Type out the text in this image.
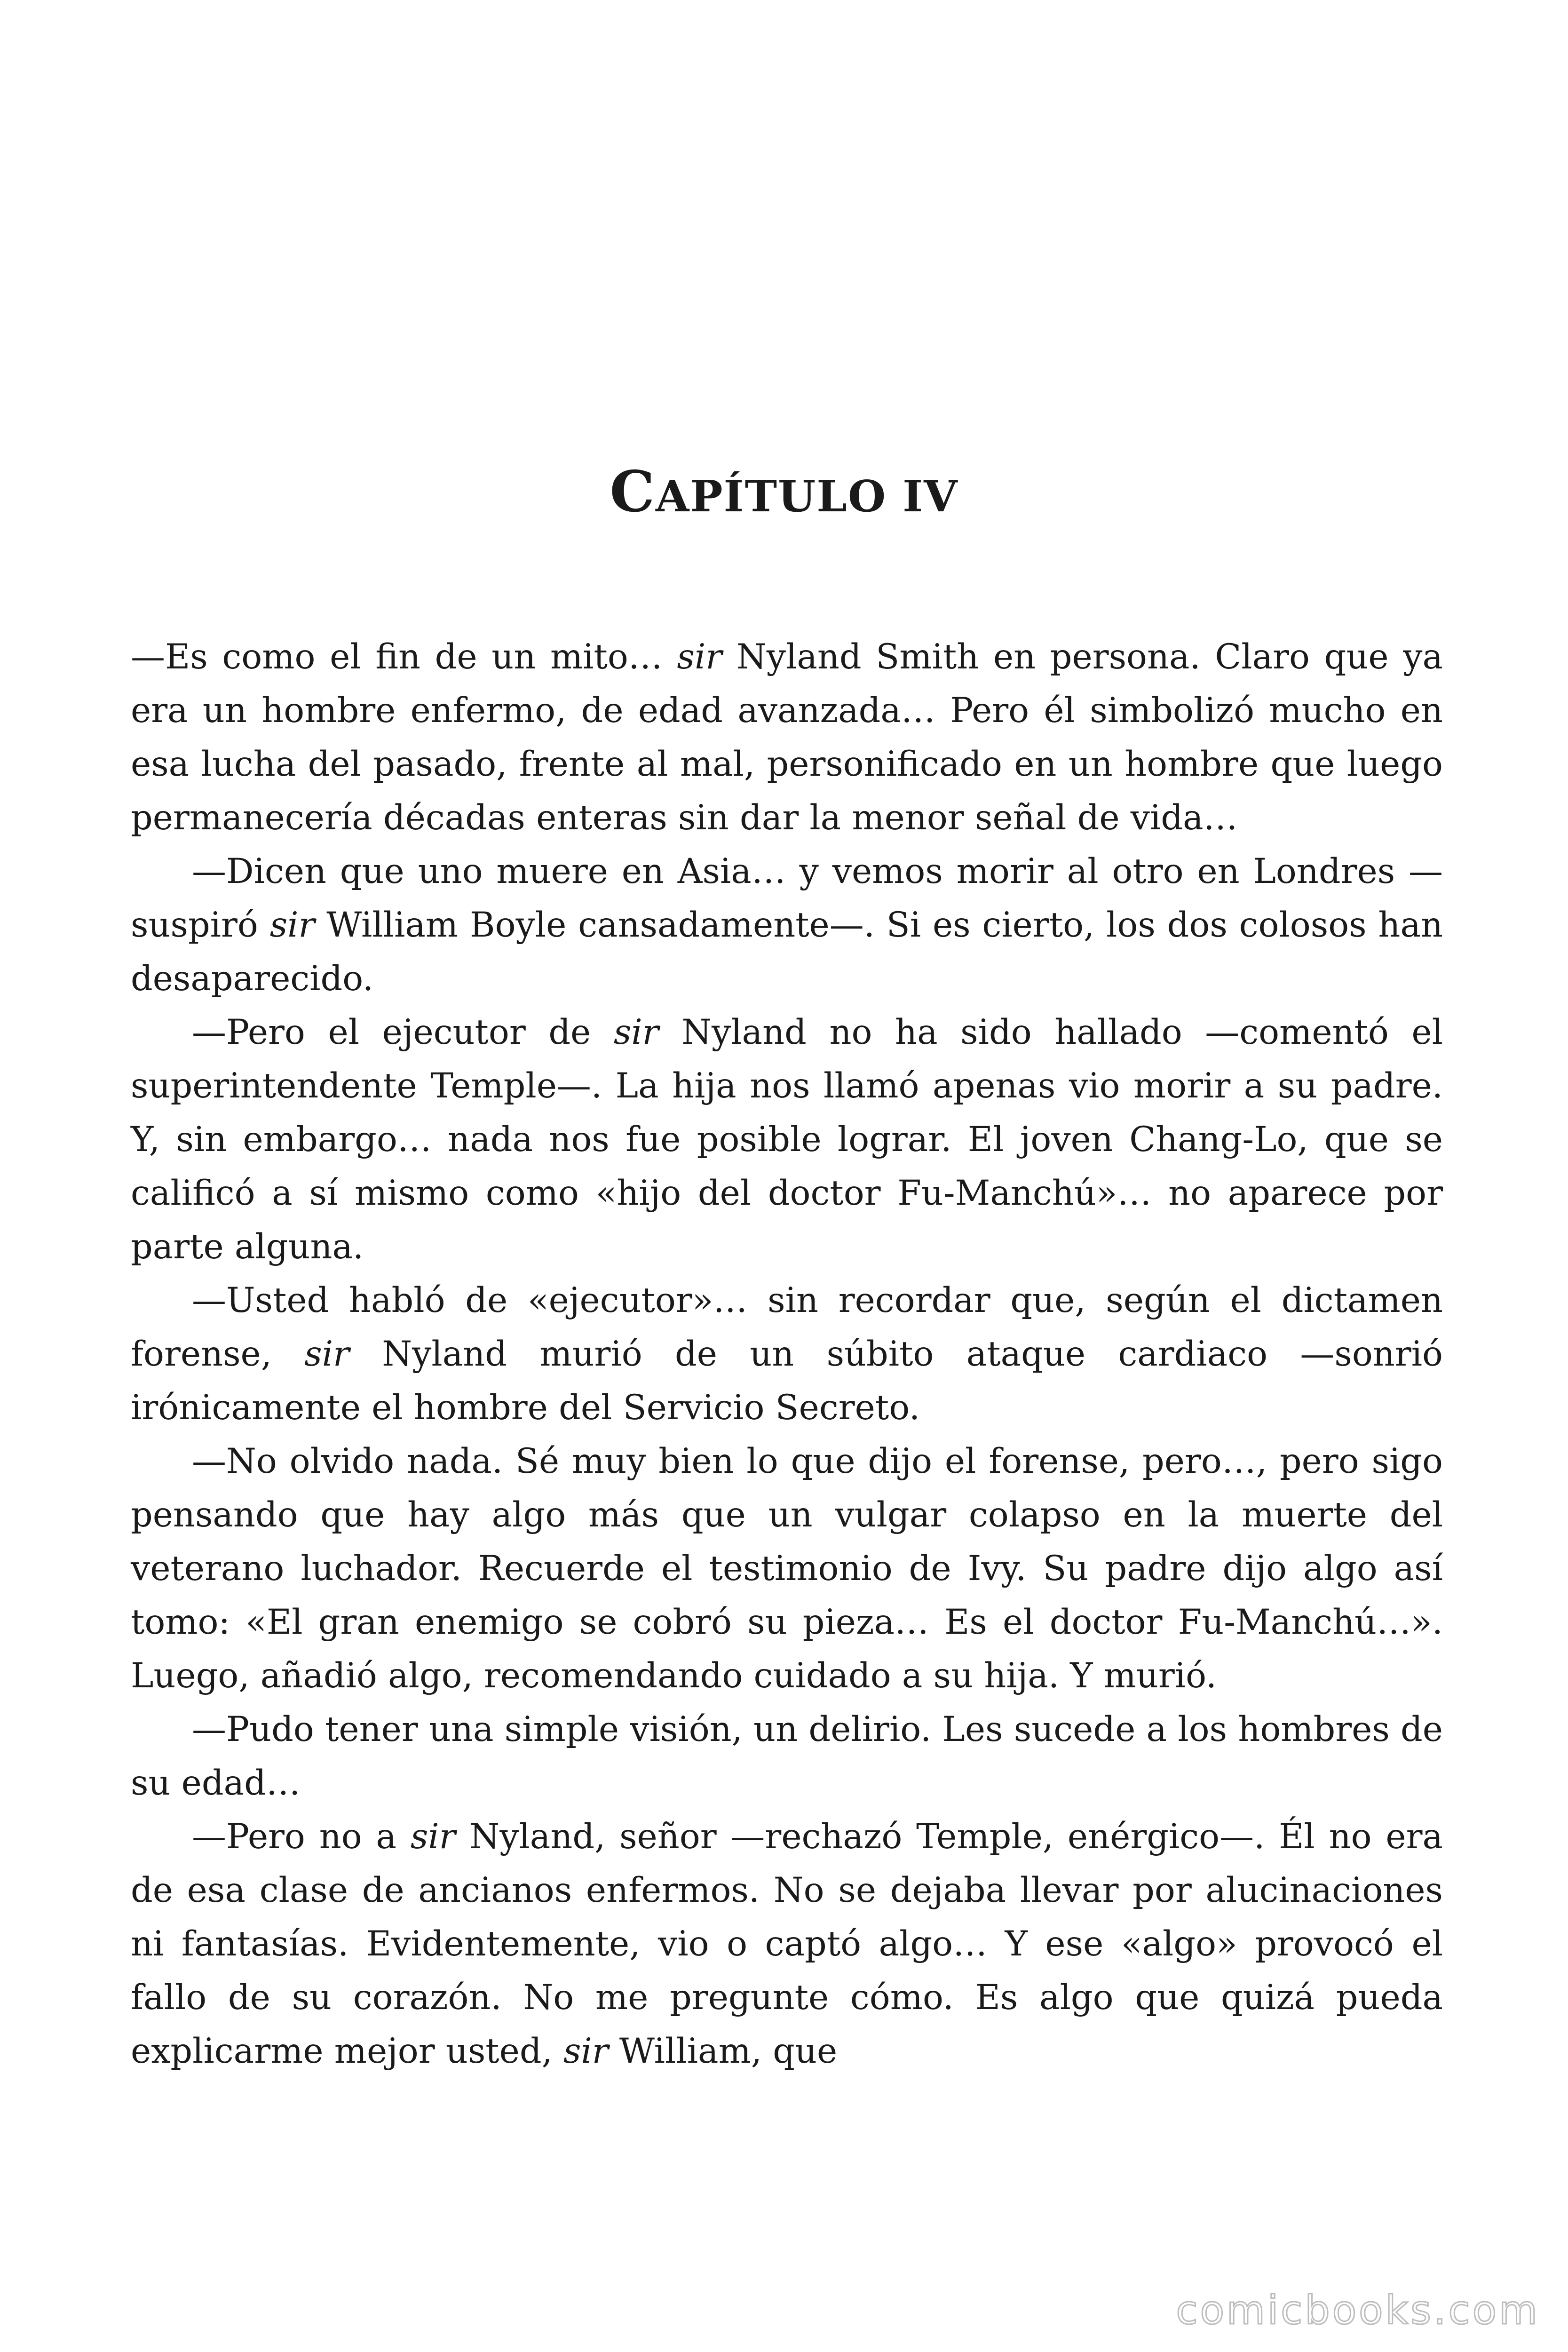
CAPÍTULO IV

—Es como el fin de un mito… sir Nyland Smith en persona. Claro que ya era un hombre enfermo, de edad avanzada… Pero él simbolizó mucho en esa lucha del pasado, frente al mal, personificado en un hombre que luego permanecería décadas enteras sin dar la menor señal de vida…

—Dicen que uno muere en Asia… y vemos morir al otro en Londres —suspiró sir William Boyle cansadamente—. Si es cierto, los dos colosos han desaparecido.

—Pero el ejecutor de sir Nyland no ha sido hallado —comentó el superintendente Temple—. La hija nos llamó apenas vio morir a su padre. Y, sin embargo… nada nos fue posible lograr. El joven Chang-Lo, que se calificó a sí mismo como «hijo del doctor Fu-Manchú»… no aparece por parte alguna.

—Usted habló de «ejecutor»… sin recordar que, según el dictamen forense, sir Nyland murió de un súbito ataque cardiaco —sonrió irónicamente el hombre del Servicio Secreto.

—No olvido nada. Sé muy bien lo que dijo el forense, pero…, pero sigo pensando que hay algo más que un vulgar colapso en la muerte del veterano luchador. Recuerde el testimonio de Ivy. Su padre dijo algo así tomo: «El gran enemigo se cobró su pieza… Es el doctor Fu-Manchú…». Luego, añadió algo, recomendando cuidado a su hija. Y murió.

—Pudo tener una simple visión, un delirio. Les sucede a los hombres de su edad…

—Pero no a sir Nyland, señor —rechazó Temple, enérgico—. Él no era de esa clase de ancianos enfermos. No se dejaba llevar por alucinaciones ni fantasías. Evidentemente, vio o captó algo… Y ese «algo» provocó el fallo de su corazón. No me pregunte cómo. Es algo que quizá pueda explicarme mejor usted, sir William, que

comicbooks.com
